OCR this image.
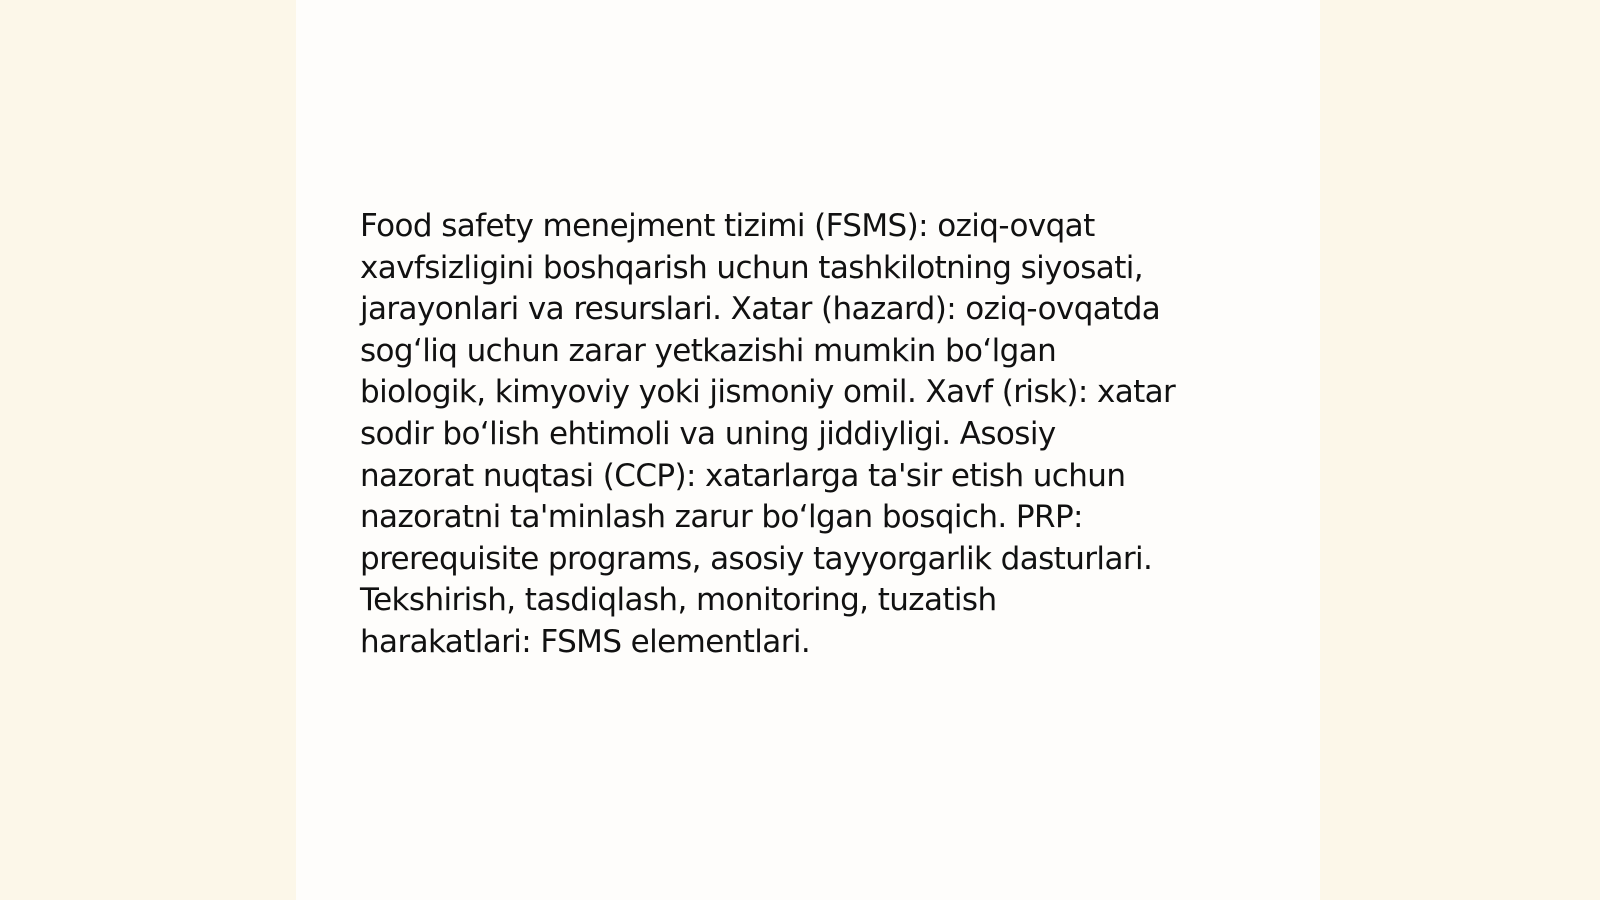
Food safety menejment tizimi (FSMS): oziq-ovqat
xavfsizligini boshqarish uchun tashkilotning siyosati,
jarayonlari va resurslari. Xatar (hazard): oziq-ovqatda
sog‘liq uchun zarar yetkazishi mumkin bo‘lgan
biologik, kimyoviy yoki jismoniy omil. Xavf (risk): xatar
sodir bo‘lish ehtimoli va uning jiddiyligi. Asosiy
nazorat nuqtasi (CCP): xatarlarga ta'sir etish uchun
nazoratni ta'minlash zarur bo‘lgan bosqich. PRP:
prerequisite programs, asosiy tayyorgarlik dasturlari.
Tekshirish, tasdiqlash, monitoring, tuzatish
harakatlari: FSMS elementlari.
